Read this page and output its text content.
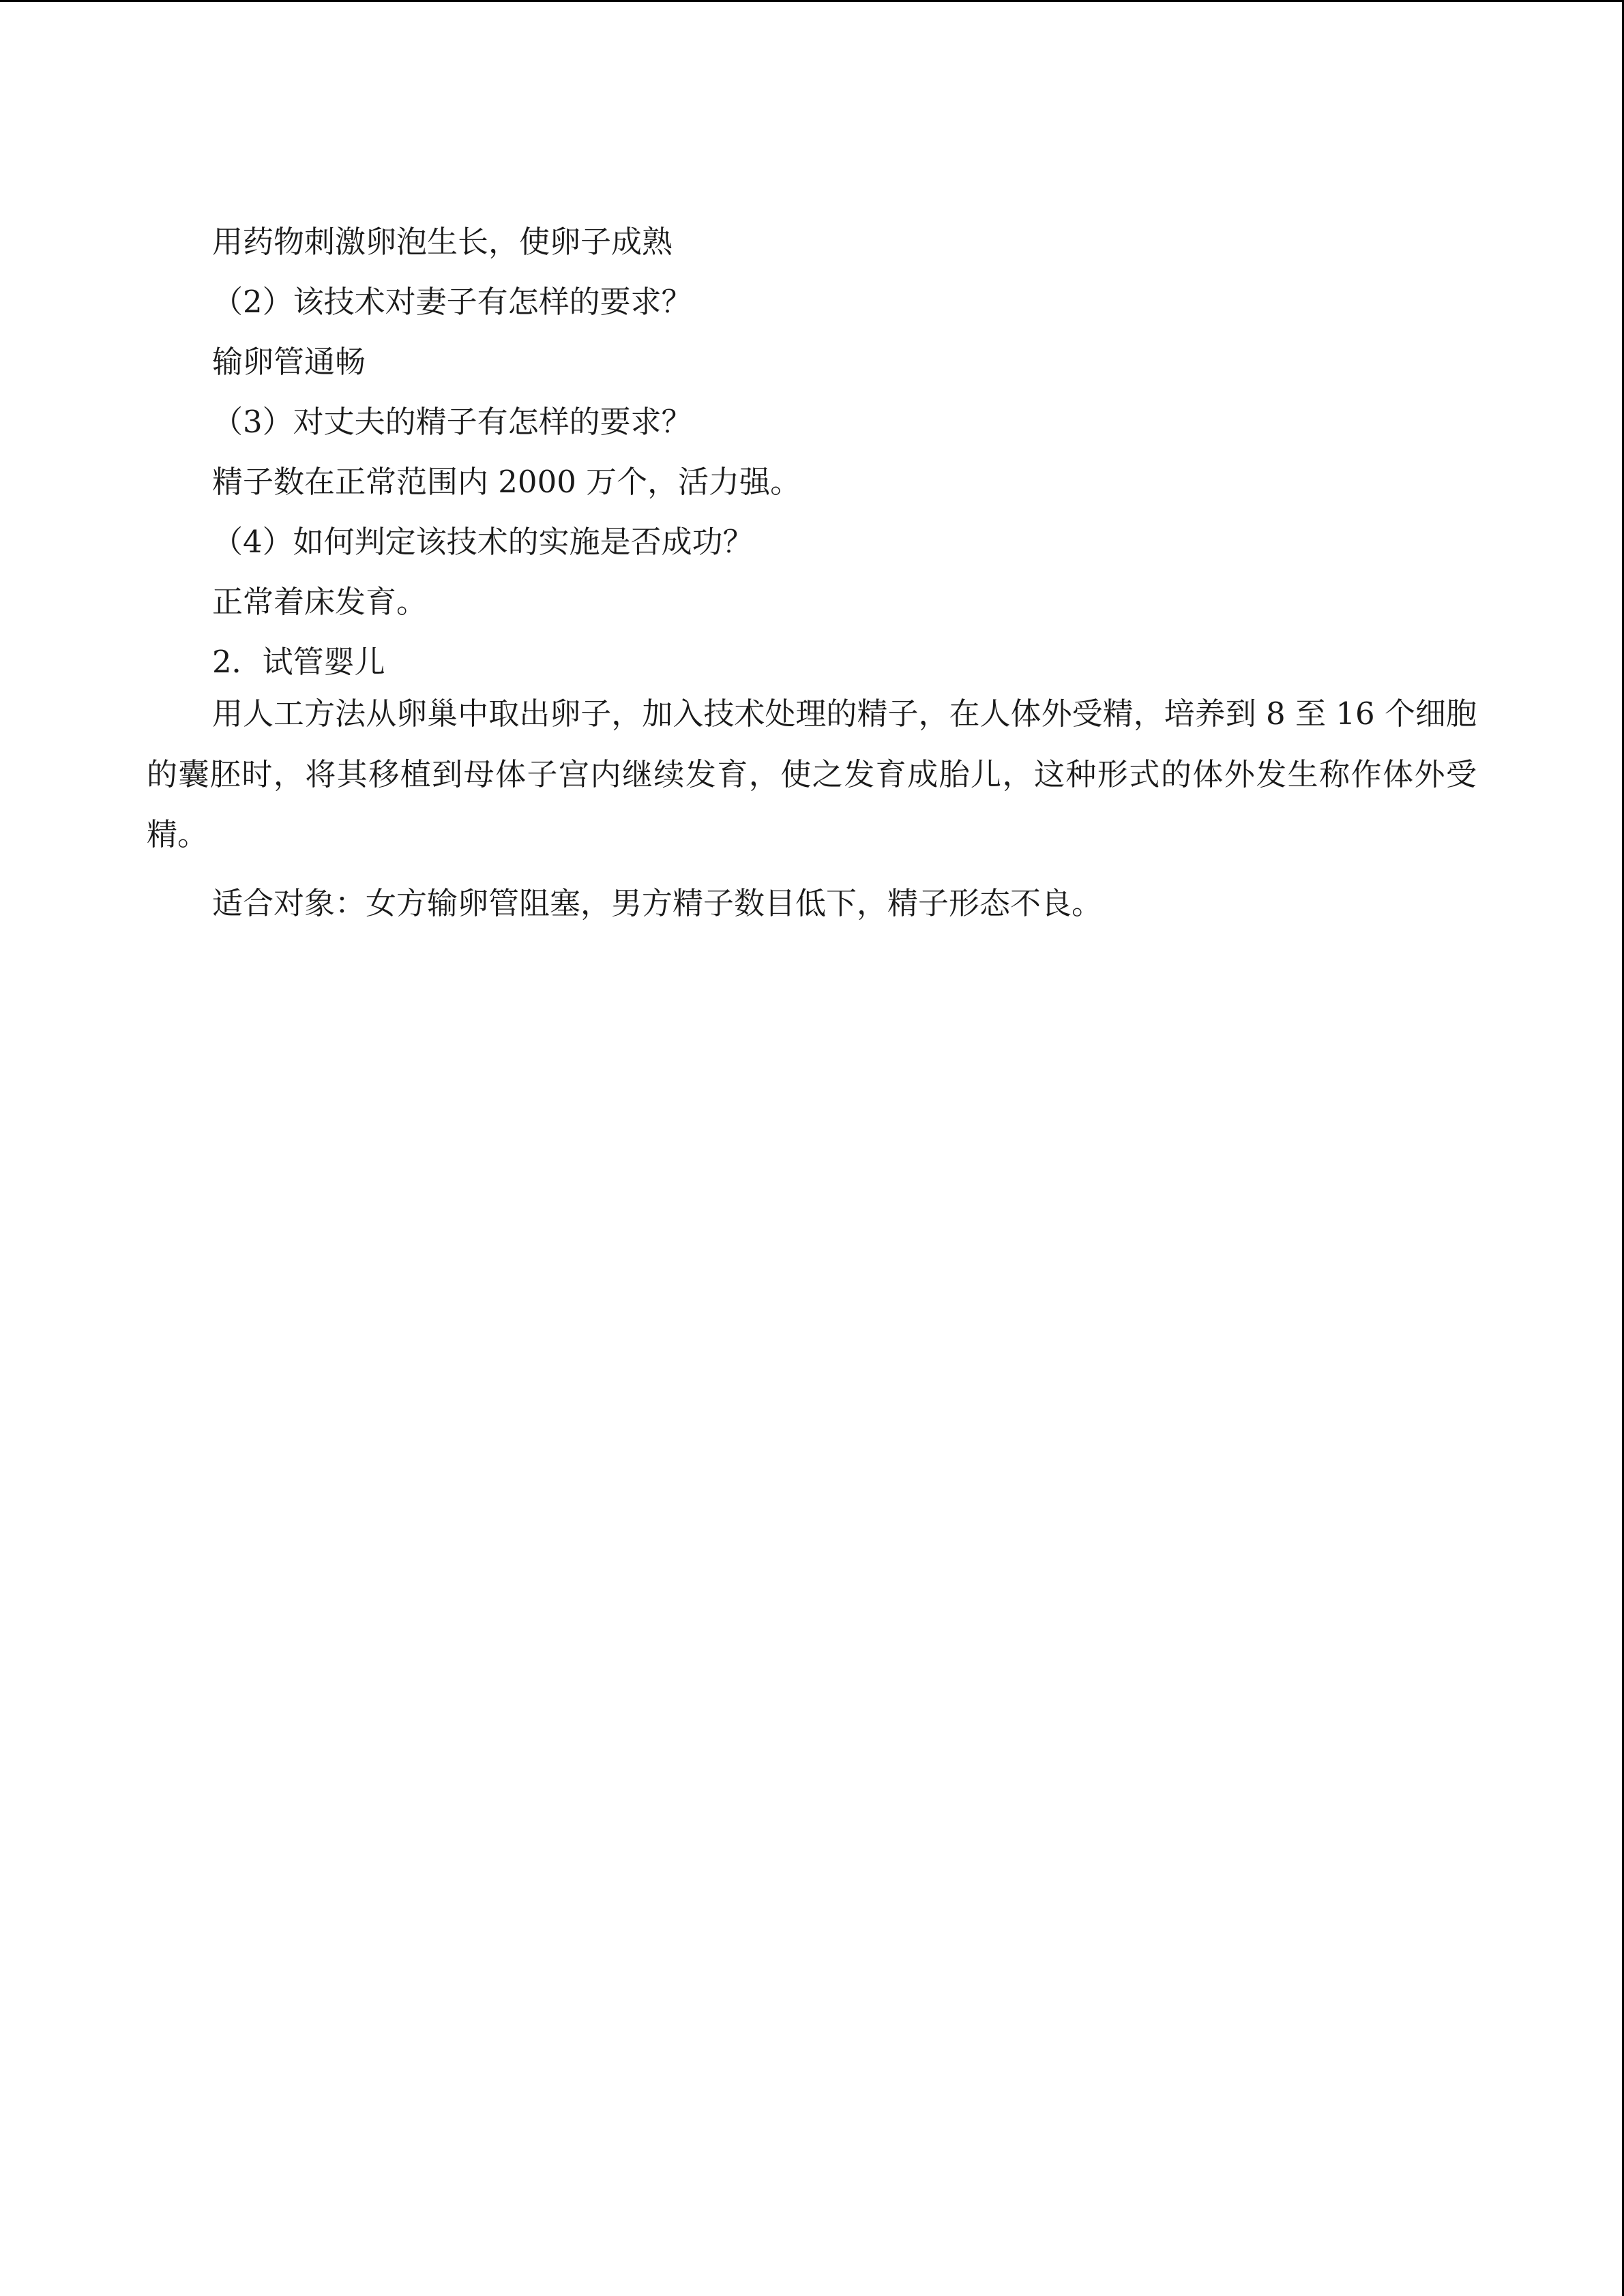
用药物刺激卵泡生长，使卵子成熟
（2）该技术对妻子有怎样的要求？
输卵管通畅
（3）对丈夫的精子有怎样的要求？
精子数在正常范围内 2000 万个，活力强。
（4）如何判定该技术的实施是否成功？
正常着床发育。
2．试管婴儿
用人工方法从卵巢中取出卵子，加入技术处理的精子，在人体外受精，培养到 8 至 16 个细胞的囊胚时，将其移植到母体子宫内继续发育，使之发育成胎儿，这种形式的体外发生称作体外受精。
适合对象：女方输卵管阻塞，男方精子数目低下，精子形态不良。
